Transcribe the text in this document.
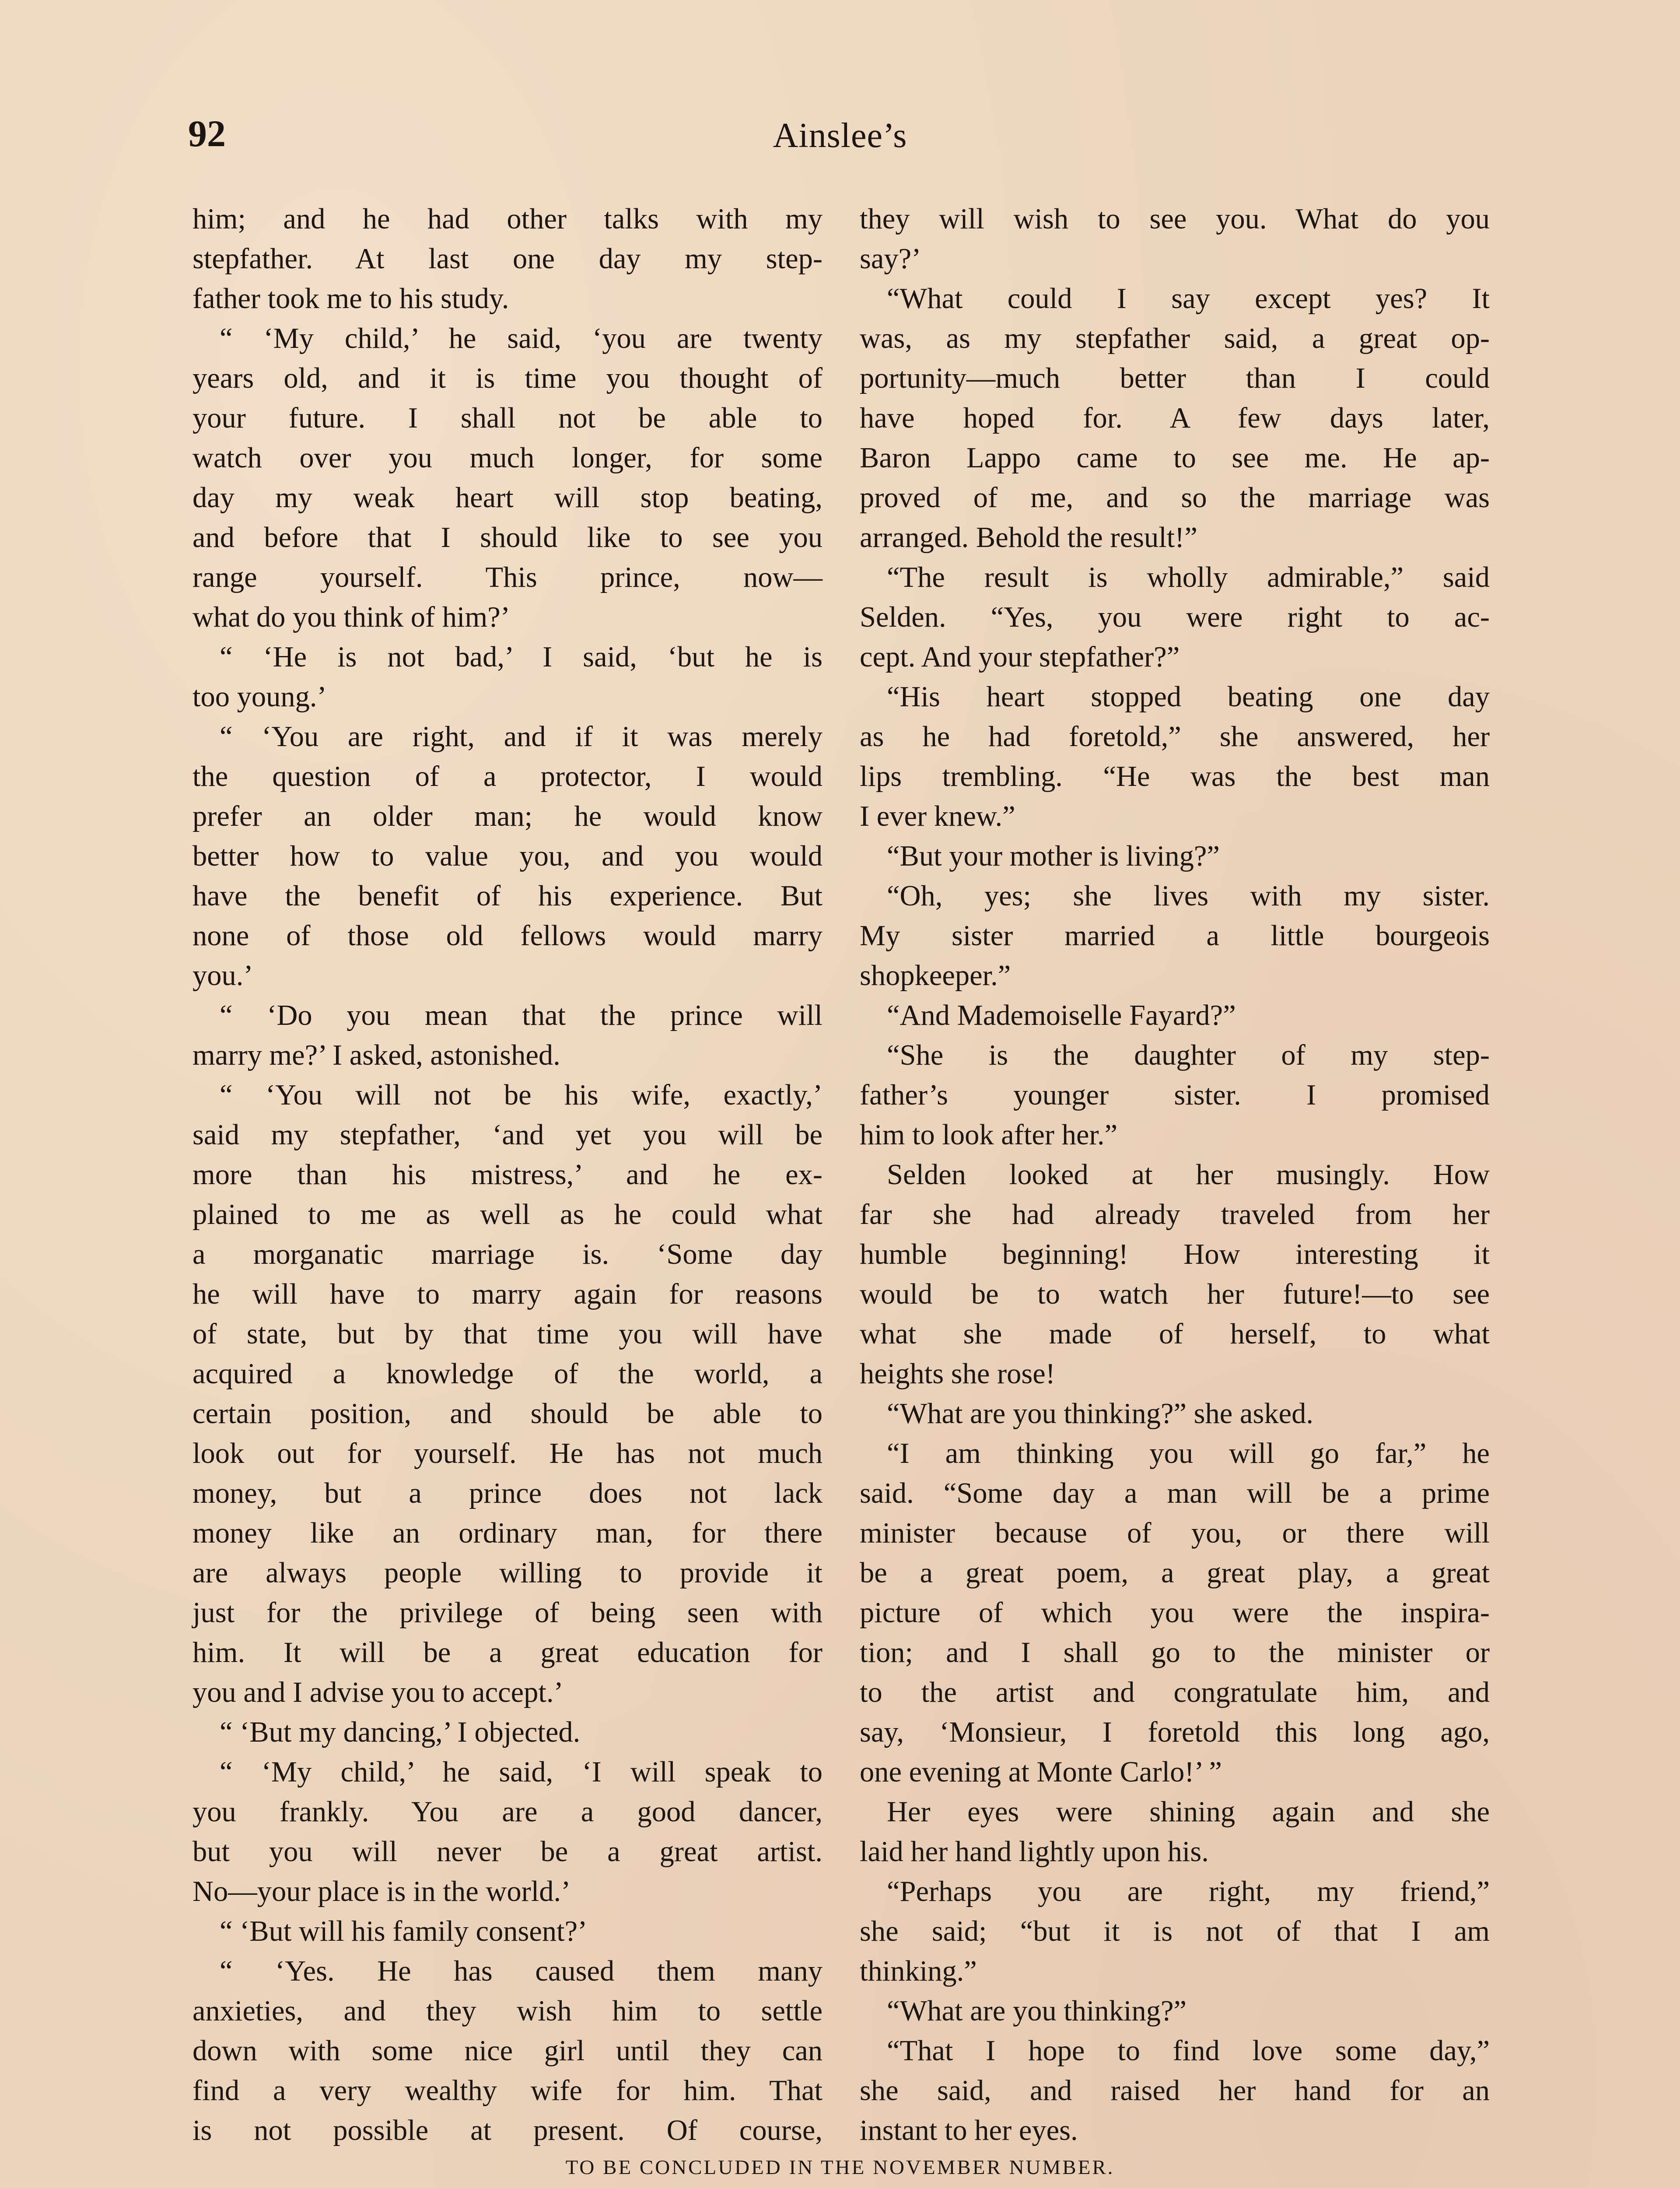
92	Ainslee’s
him; and he had other talks with my
stepfather. At last one day my step-
father took me to his study.
“ ‘My child,’ he said, ‘you are twenty
years old, and it is time you thought of
your future. I shall not be able to
watch over you much longer, for some
day my weak heart will stop beating,
and before that I should like to see you
range yourself. This prince, now—
what do you think of him?’
“ ‘He is not bad,’ I said, ‘but he is
too young.’
“ ‘You are right, and if it was merely
the question of a protector, I would
prefer an older man; he would know
better how to value you, and you would
have the benefit of his experience. But
none of those old fellows would marry
you.’
“ ‘Do you mean that the prince will
marry me?’ I asked, astonished.
“ ‘You will not be his wife, exactly,’
said my stepfather, ‘and yet you will be
more than his mistress,’ and he ex-
plained to me as well as he could what
a morganatic marriage is. ‘Some day
he will have to marry again for reasons
of state, but by that time you will have
acquired a knowledge of the world, a
certain position, and should be able to
look out for yourself. He has not much
money, but a prince does not lack
money like an ordinary man, for there
are always people willing to provide it
just for the privilege of being seen with
him. It will be a great education for
you and I advise you to accept.’
“ ‘But my dancing,’ I objected.
“ ‘My child,’ he said, ‘I will speak to
you frankly. You are a good dancer,
but you will never be a great artist.
No—your place is in the world.’
“ ‘But will his family consent?’
“ ‘Yes. He has caused them many
anxieties, and they wish him to settle
down with some nice girl until they can
find a very wealthy wife for him. That
is not possible at present. Of course,
they will wish to see you. What do you
say?’
“What could I say except yes? It
was, as my stepfather said, a great op-
portunity—much better than I could
have hoped for. A few days later,
Baron Lappo came to see me. He ap-
proved of me, and so the marriage was
arranged. Behold the result!”
“The result is wholly admirable,” said
Selden. “Yes, you were right to ac-
cept. And your stepfather?”
“His heart stopped beating one day
as he had foretold,” she answered, her
lips trembling. “He was the best man
I ever knew.”
“But your mother is living?”
“Oh, yes; she lives with my sister.
My sister married a little bourgeois
shopkeeper.”
“And Mademoiselle Fayard?”
“She is the daughter of my step-
father’s younger sister. I promised
him to look after her.”
Selden looked at her musingly. How
far she had already traveled from her
humble beginning! How interesting it
would be to watch her future!—to see
what she made of herself, to what
heights she rose!
“What are you thinking?” she asked.
“I am thinking you will go far,” he
said. “Some day a man will be a prime
minister because of you, or there will
be a great poem, a great play, a great
picture of which you were the inspira-
tion; and I shall go to the minister or
to the artist and congratulate him, and
say, ‘Monsieur, I foretold this long ago,
one evening at Monte Carlo!’ ”
Her eyes were shining again and she
laid her hand lightly upon his.
“Perhaps you are right, my friend,”
she said; “but it is not of that I am
thinking.”
“What are you thinking?”
“That I hope to find love some day,”
she said, and raised her hand for an
instant to her eyes.
TO BE CONCLUDED IN THE NOVEMBER NUMBER.
